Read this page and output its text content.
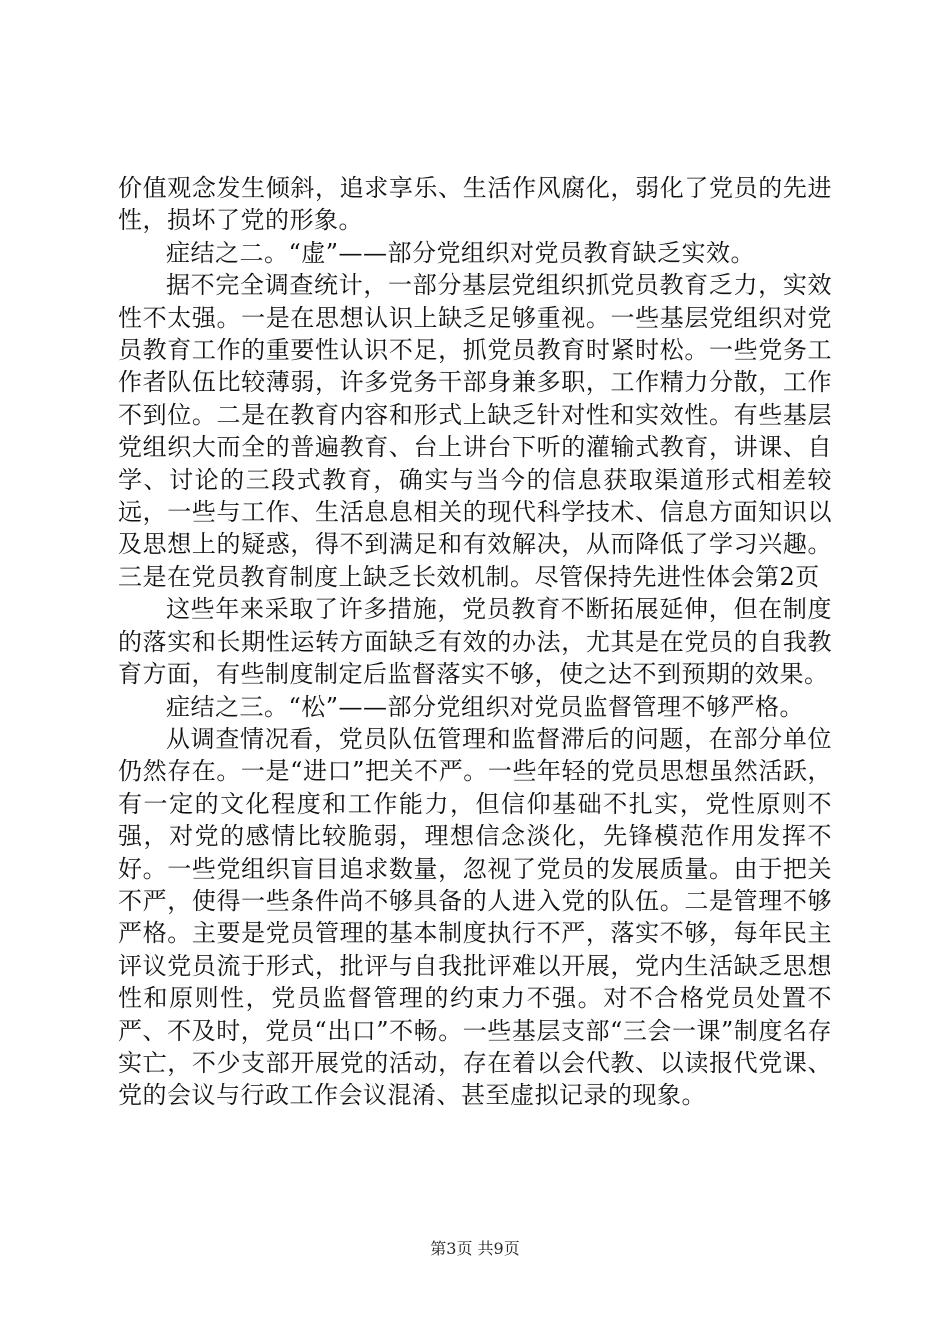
价值观念发生倾斜，追求享乐、生活作风腐化，弱化了党员的先进性，损坏了党的形象。

症结之二。“虚”——部分党组织对党员教育缺乏实效。

据不完全调查统计，一部分基层党组织抓党员教育乏力，实效性不太强。一是在思想认识上缺乏足够重视。一些基层党组织对党员教育工作的重要性认识不足，抓党员教育时紧时松。一些党务工作者队伍比较薄弱，许多党务干部身兼多职，工作精力分散，工作不到位。二是在教育内容和形式上缺乏针对性和实效性。有些基层党组织大而全的普遍教育、台上讲台下听的灌输式教育，讲课、自学、讨论的三段式教育，确实与当今的信息获取渠道形式相差较远，一些与工作、生活息息相关的现代科学技术、信息方面知识以及思想上的疑惑，得不到满足和有效解决，从而降低了学习兴趣。三是在党员教育制度上缺乏长效机制。尽管保持先进性体会第2页

这些年来采取了许多措施，党员教育不断拓展延伸，但在制度的落实和长期性运转方面缺乏有效的办法，尤其是在党员的自我教育方面，有些制度制定后监督落实不够，使之达不到预期的效果。

症结之三。“松”——部分党组织对党员监督管理不够严格。

从调查情况看，党员队伍管理和监督滞后的问题，在部分单位仍然存在。一是“进口”把关不严。一些年轻的党员思想虽然活跃，有一定的文化程度和工作能力，但信仰基础不扎实，党性原则不强，对党的感情比较脆弱，理想信念淡化，先锋模范作用发挥不好。一些党组织盲目追求数量，忽视了党员的发展质量。由于把关不严，使得一些条件尚不够具备的人进入党的队伍。二是管理不够严格。主要是党员管理的基本制度执行不严，落实不够，每年民主评议党员流于形式，批评与自我批评难以开展，党内生活缺乏思想性和原则性，党员监督管理的约束力不强。对不合格党员处置不严、不及时，党员“出口”不畅。一些基层支部“三会一课”制度名存实亡，不少支部开展党的活动，存在着以会代教、以读报代党课、党的会议与行政工作会议混淆、甚至虚拟记录的现象。

第3页 共9页
